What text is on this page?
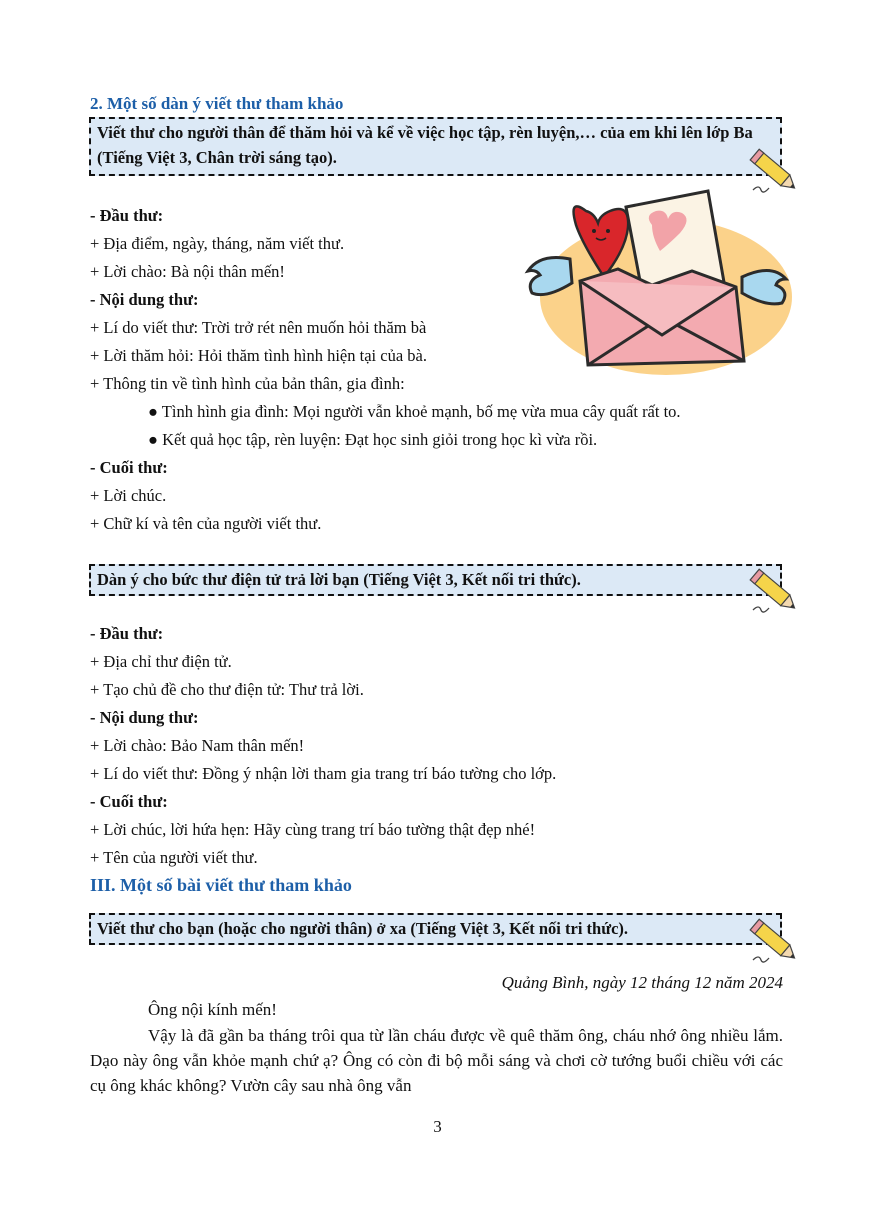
2. Một số dàn ý viết thư tham khảo
Viết thư cho người thân để thăm hỏi và kể về việc học tập, rèn luyện,… của em khi lên lớp Ba (Tiếng Việt 3, Chân trời sáng tạo).
- Đầu thư:
+ Địa điểm, ngày, tháng, năm viết thư.
+ Lời chào: Bà nội thân mến!
- Nội dung thư:
+ Lí do viết thư: Trời trở rét nên muốn hỏi thăm bà
+ Lời thăm hỏi: Hỏi thăm tình hình hiện tại của bà.
+ Thông tin về tình hình của bản thân, gia đình:
● Tình hình gia đình: Mọi người vẫn khoẻ mạnh, bố mẹ vừa mua cây quất rất to.
● Kết quả học tập, rèn luyện: Đạt học sinh giỏi trong học kì vừa rồi.
- Cuối thư:
+ Lời chúc.
+ Chữ kí và tên của người viết thư.
Dàn ý cho bức thư điện tử trả lời bạn (Tiếng Việt 3, Kết nối tri thức).
- Đầu thư:
+ Địa chỉ thư điện tử.
+ Tạo chủ đề cho thư điện tử: Thư trả lời.
- Nội dung thư:
+ Lời chào: Bảo Nam thân mến!
+ Lí do viết thư: Đồng ý nhận lời tham gia trang trí báo tường cho lớp.
- Cuối thư:
+ Lời chúc, lời hứa hẹn: Hãy cùng trang trí báo tường thật đẹp nhé!
+ Tên của người viết thư.
III. Một số bài viết thư tham khảo
Viết thư cho bạn (hoặc cho người thân) ở xa (Tiếng Việt 3, Kết nối tri thức).
Quảng Bình, ngày 12 tháng 12 năm 2024
Ông nội kính mến!
Vậy là đã gần ba tháng trôi qua từ lần cháu được về quê thăm ông, cháu nhớ ông nhiều lắm. Dạo này ông vẫn khỏe mạnh chứ ạ? Ông có còn đi bộ mỗi sáng và chơi cờ tướng buổi chiều với các cụ ông khác không? Vườn cây sau nhà ông vẫn
3
